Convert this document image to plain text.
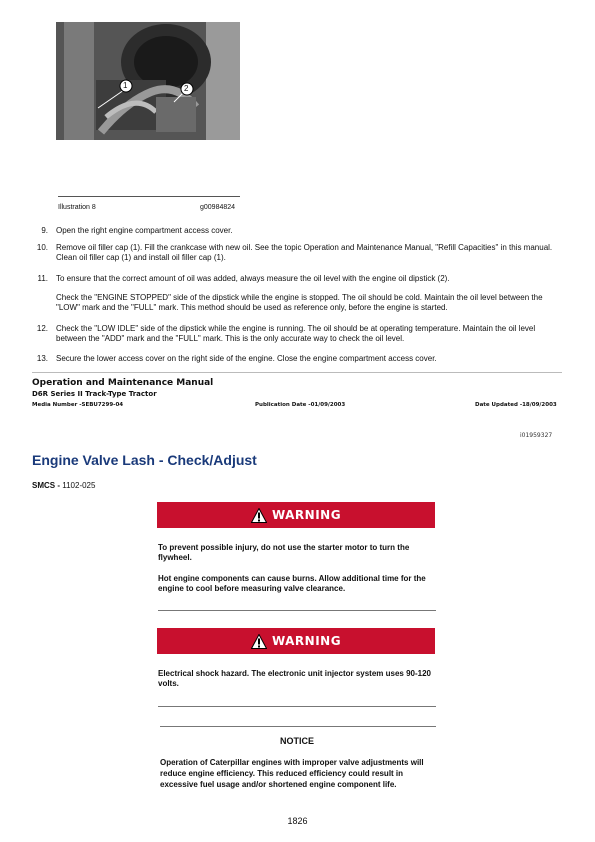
1	2
Illustration 8	g00984824
9. Open the right engine compartment access cover.
10. Remove oil filler cap (1). Fill the crankcase with new oil. See the topic Operation and Maintenance Manual, "Refill Capacities" in this manual. Clean oil filler cap (1) and install oil filler cap (1).
11. To ensure that the correct amount of oil was added, always measure the oil level with the engine oil dipstick (2).
Check the "ENGINE STOPPED" side of the dipstick while the engine is stopped. The oil should be cold. Maintain the oil level between the "LOW" mark and the "FULL" mark. This method should be used as reference only, before the engine is started.
12. Check the "LOW IDLE" side of the dipstick while the engine is running. The oil should be at operating temperature. Maintain the oil level between the "ADD" mark and the "FULL" mark. This is the only accurate way to check the oil level.
13. Secure the lower access cover on the right side of the engine. Close the engine compartment access cover.
Operation and Maintenance Manual
D6R Series II Track-Type Tractor
Media Number -SEBU7299-04	Publication Date -01/09/2003	Date Updated -18/09/2003
i01959327
Engine Valve Lash - Check/Adjust
SMCS - 1102-025
WARNING
To prevent possible injury, do not use the starter motor to turn the flywheel.
Hot engine components can cause burns. Allow additional time for the engine to cool before measuring valve clearance.
WARNING
Electrical shock hazard. The electronic unit injector system uses 90-120 volts.
NOTICE
Operation of Caterpillar engines with improper valve adjustments will reduce engine efficiency. This reduced efficiency could result in excessive fuel usage and/or shortened engine component life.
1826
